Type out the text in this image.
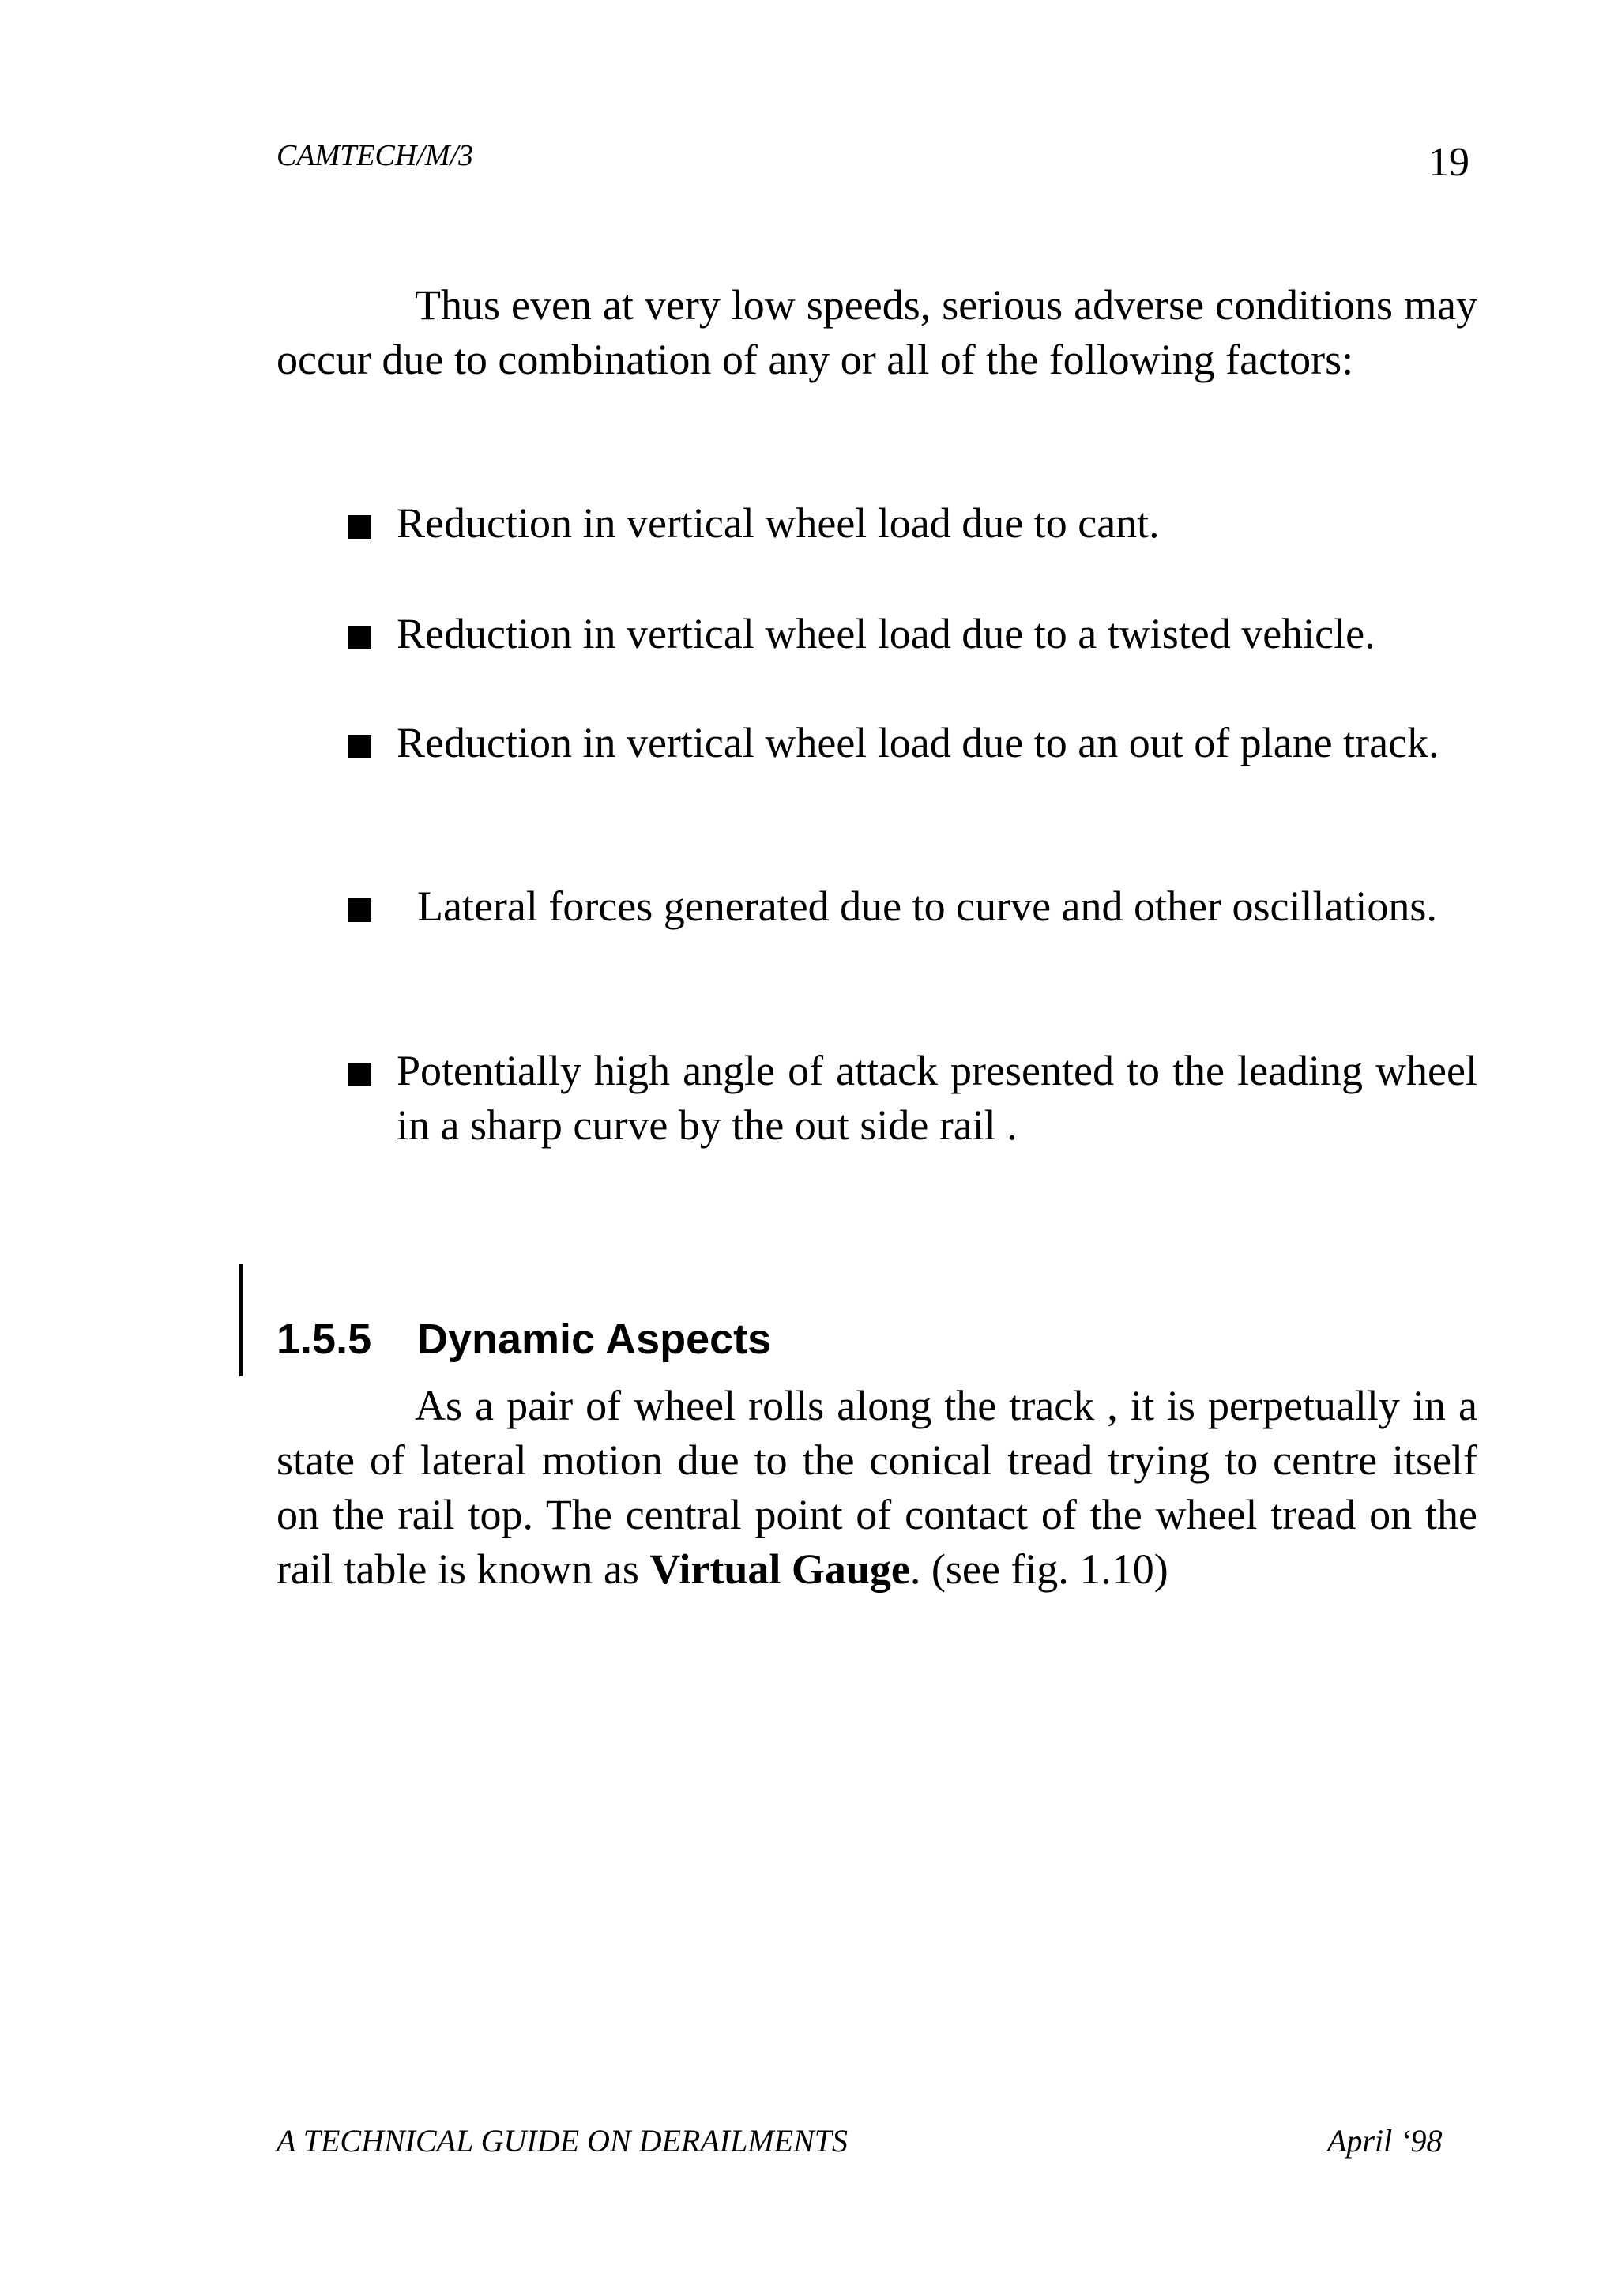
CAMTECH/M/3	19

Thus even at very low speeds, serious adverse conditions may occur due to combination of any or all of the following factors:

Reduction in vertical wheel load due to cant.
Reduction in vertical wheel load due to a twisted vehicle.
Reduction in vertical wheel load due to an out of plane track.
Lateral forces generated due to curve and other oscillations.
Potentially high angle of attack presented to the leading wheel in a sharp curve by the out side rail .
1.5.5 Dynamic Aspects

As a pair of wheel rolls along the track , it is perpetually in a state of lateral motion due to the conical tread trying to centre itself on the rail top. The central point of contact of the wheel tread on the rail table is known as Virtual Gauge. (see fig. 1.10)

A TECHNICAL GUIDE ON DERAILMENTS	April ‘98
